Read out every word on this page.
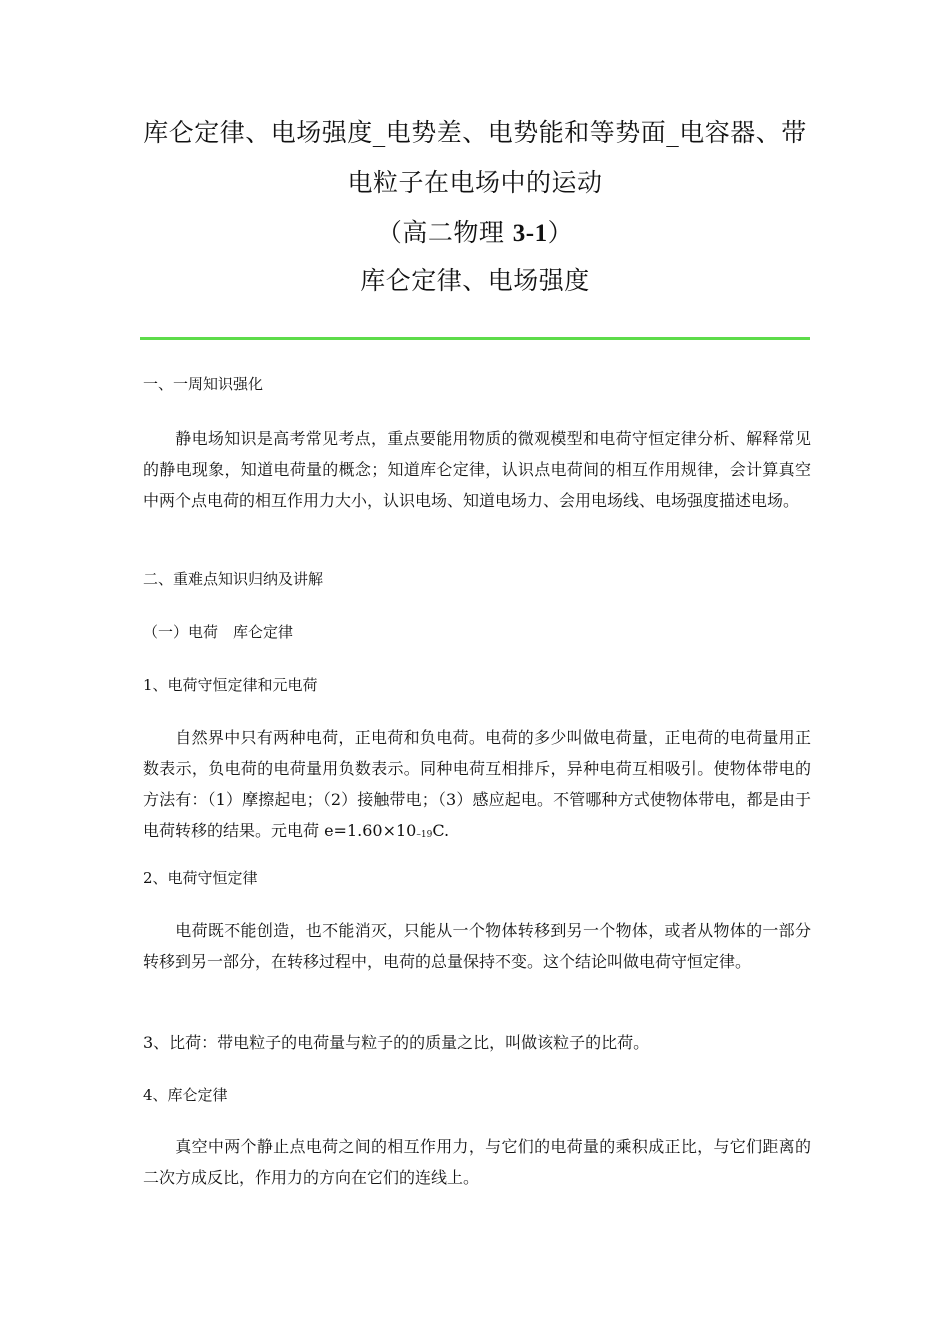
库仑定律、电场强度_电势差、电势能和等势面_电容器、带
电粒子在电场中的运动
（高二物理 3-1）
库仑定律、电场强度
一、一周知识强化
静电场知识是高考常见考点，重点要能用物质的微观模型和电荷守恒定律分析、解释常见的静电现象，知道电荷量的概念；知道库仑定律，认识点电荷间的相互作用规律，会计算真空中两个点电荷的相互作用力大小，认识电场、知道电场力、会用电场线、电场强度描述电场。
二、重难点知识归纳及讲解
（一）电荷　库仑定律
1、电荷守恒定律和元电荷
自然界中只有两种电荷，正电荷和负电荷。电荷的多少叫做电荷量，正电荷的电荷量用正数表示，负电荷的电荷量用负数表示。同种电荷互相排斥，异种电荷互相吸引。使物体带电的方法有：（1）摩擦起电；（2）接触带电；（3）感应起电。不管哪种方式使物体带电，都是由于电荷转移的结果。元电荷 e=1.60×10–19C.
2、电荷守恒定律
电荷既不能创造，也不能消灭，只能从一个物体转移到另一个物体，或者从物体的一部分转移到另一部分，在转移过程中，电荷的总量保持不变。这个结论叫做电荷守恒定律。
3、比荷：带电粒子的电荷量与粒子的的质量之比，叫做该粒子的比荷。
4、库仑定律
真空中两个静止点电荷之间的相互作用力，与它们的电荷量的乘积成正比，与它们距离的二次方成反比，作用力的方向在它们的连线上。
